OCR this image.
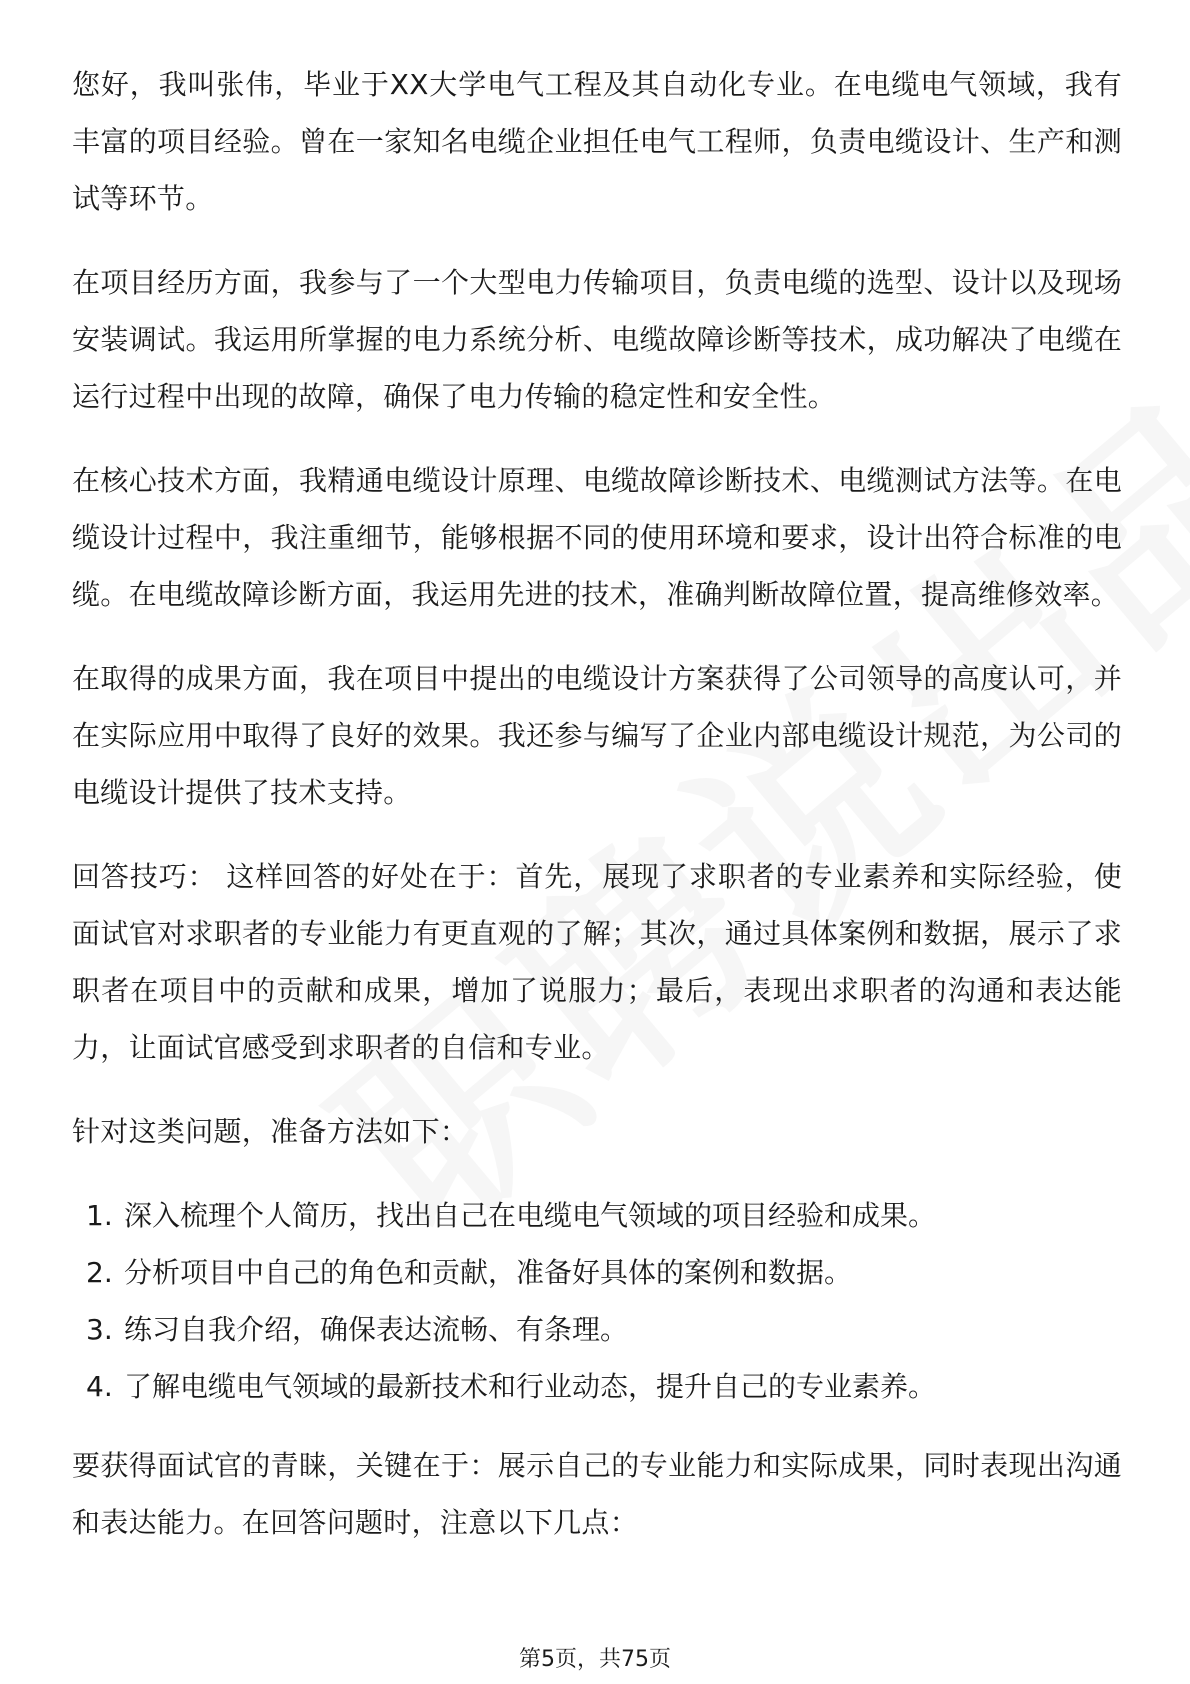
您好，我叫张伟，毕业于XX大学电气工程及其自动化专业。在电缆电气领域，我有丰富的项目经验。曾在一家知名电缆企业担任电气工程师，负责电缆设计、生产和测试等环节。

在项目经历方面，我参与了一个大型电力传输项目，负责电缆的选型、设计以及现场安装调试。我运用所掌握的电力系统分析、电缆故障诊断等技术，成功解决了电缆在运行过程中出现的故障，确保了电力传输的稳定性和安全性。

在核心技术方面，我精通电缆设计原理、电缆故障诊断技术、电缆测试方法等。在电缆设计过程中，我注重细节，能够根据不同的使用环境和要求，设计出符合标准的电缆。在电缆故障诊断方面，我运用先进的技术，准确判断故障位置，提高维修效率。

在取得的成果方面，我在项目中提出的电缆设计方案获得了公司领导的高度认可，并在实际应用中取得了良好的效果。我还参与编写了企业内部电缆设计规范，为公司的电缆设计提供了技术支持。

回答技巧： 这样回答的好处在于：首先，展现了求职者的专业素养和实际经验，使面试官对求职者的专业能力有更直观的了解；其次，通过具体案例和数据，展示了求职者在项目中的贡献和成果，增加了说服力；最后，表现出求职者的沟通和表达能力，让面试官感受到求职者的自信和专业。

针对这类问题，准备方法如下：

1. 深入梳理个人简历，找出自己在电缆电气领域的项目经验和成果。
2. 分析项目中自己的角色和贡献，准备好具体的案例和数据。
3. 练习自我介绍，确保表达流畅、有条理。
4. 了解电缆电气领域的最新技术和行业动态，提升自己的专业素养。

要获得面试官的青睐，关键在于：展示自己的专业能力和实际成果，同时表现出沟通和表达能力。在回答问题时，注意以下几点：

第5页，共75页
